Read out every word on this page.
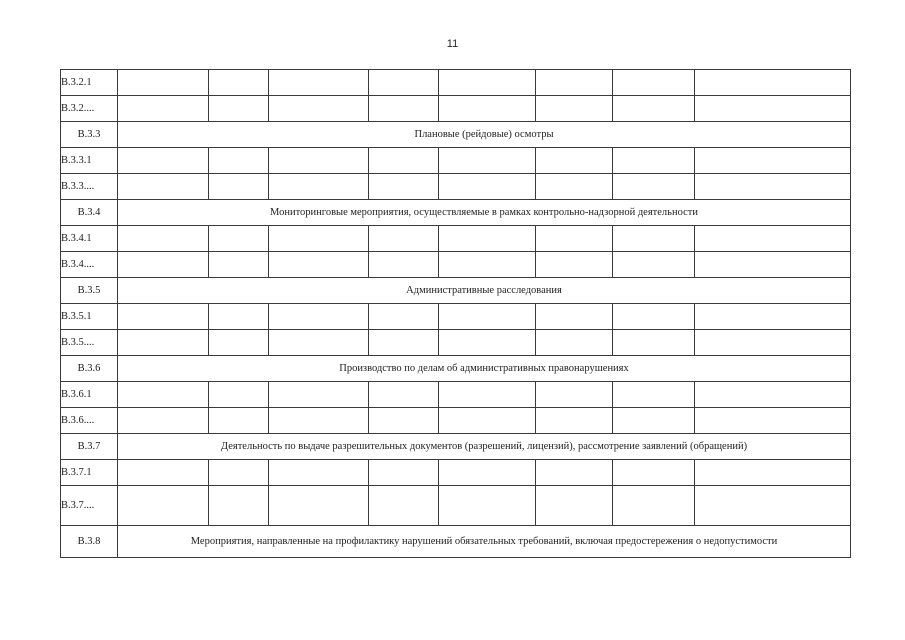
11
В.3.2.1								
В.3.2....								
В.3.3	Плановые (рейдовые) осмотры							
В.3.3.1								
В.3.3....								
В.3.4	Мониторинговые мероприятия, осуществляемые в рамках контрольно-надзорной деятельности							
В.3.4.1								
В.3.4....								
В.3.5	Административные расследования							
В.3.5.1								
В.3.5....								
В.3.6	Производство по делам об административных правонарушениях							
В.3.6.1								
В.3.6....								
В.3.7	Деятельность по выдаче разрешительных документов (разрешений, лицензий), рассмотрение заявлений (обращений)							
В.3.7.1								
В.3.7....								
В.3.8	Мероприятия, направленные на профилактику нарушений обязательных требований, включая предостережения о недопустимости							
